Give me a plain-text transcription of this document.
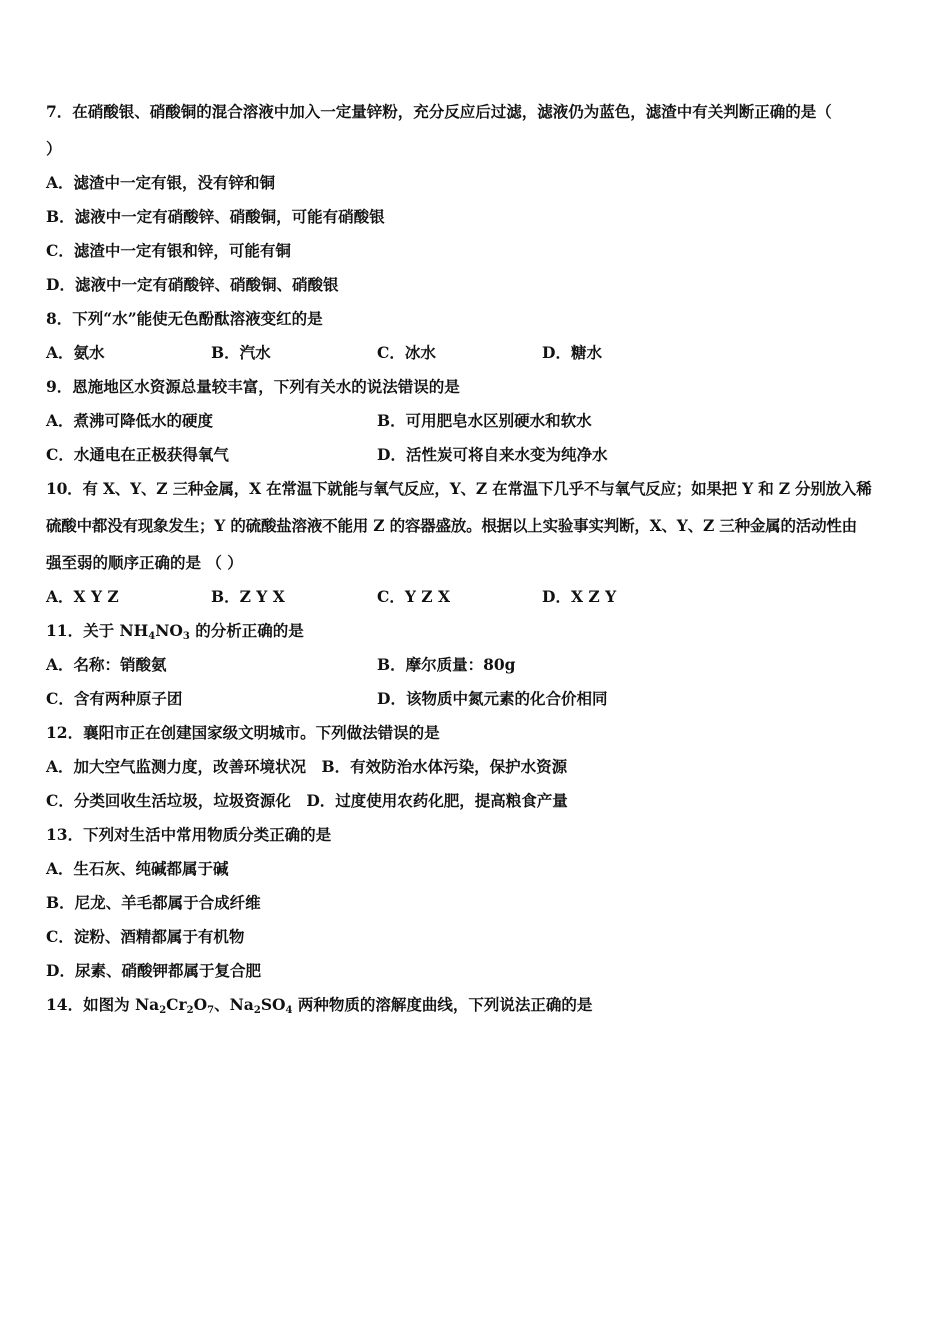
7．在硝酸银、硝酸铜的混合溶液中加入一定量锌粉，充分反应后过滤，滤液仍为蓝色，滤渣中有关判断正确的是（
）
A．滤渣中一定有银，没有锌和铜
B．滤液中一定有硝酸锌、硝酸铜，可能有硝酸银
C．滤渣中一定有银和锌，可能有铜
D．滤液中一定有硝酸锌、硝酸铜、硝酸银
8．下列“水”能使无色酚酞溶液变红的是
A．氨水	B．汽水	C．冰水	D．糖水
9．恩施地区水资源总量较丰富，下列有关水的说法错误的是
A．煮沸可降低水的硬度	B．可用肥皂水区别硬水和软水
C．水通电在正极获得氧气	D．活性炭可将自来水变为纯净水
10．有 X、Y、Z 三种金属，X 在常温下就能与氧气反应，Y、Z 在常温下几乎不与氧气反应；如果把 Y 和 Z 分别放入稀
硫酸中都没有现象发生；Y 的硫酸盐溶液不能用 Z 的容器盛放。根据以上实验事实判断，X、Y、Z 三种金属的活动性由
强至弱的顺序正确的是 （ ）
A．X Y Z	B．Z Y X	C．Y Z X	D．X Z Y
11．关于 $NH_4NO_3$ 的分析正确的是
A．名称：销酸氨	B．摩尔质量：80g
C．含有两种原子团	D．该物质中氮元素的化合价相同
12．襄阳市正在创建国家级文明城市。下列做法错误的是
A．加大空气监测力度，改善环境状况　B．有效防治水体污染，保护水资源
C．分类回收生活垃圾，垃圾资源化　D．过度使用农药化肥，提高粮食产量
13．下列对生活中常用物质分类正确的是
A．生石灰、纯碱都属于碱
B．尼龙、羊毛都属于合成纤维
C．淀粉、酒精都属于有机物
D．尿素、硝酸钾都属于复合肥
14．如图为 $Na_2Cr_2O_7$、$Na_2SO_4$ 两种物质的溶解度曲线，下列说法正确的是
